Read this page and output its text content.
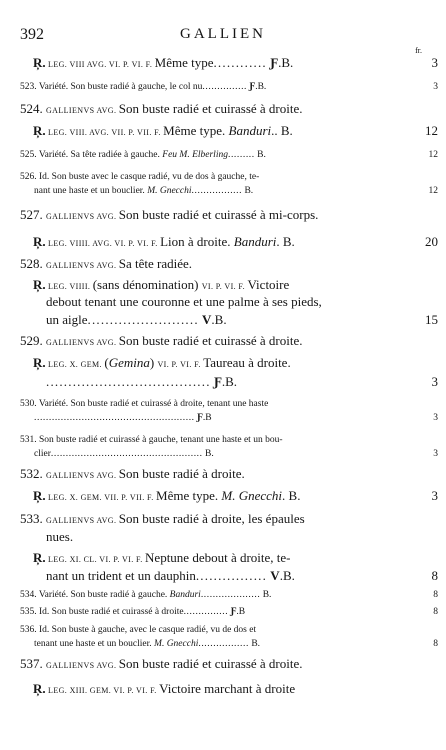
392	GALLIEN
fr.
Ŗ. LEG. VIII AVG. VI. P. VI. F. Même type............ Ƒ.B.	3
523. Variété. Son buste radié à gauche, le col nu............... Ƒ.B.	3
524. GALLIENVS AVG. Son buste radié et cuirassé à droite.
Ŗ. LEG. VIII. AVG. VII. P. VII. F. Même type. Banduri.. B.	12
525. Variété. Sa tête radiée à gauche. Feu M. Elberling......... B.	12
526. Id. Son buste avec le casque radié, vu de dos à gauche, te-
nant une haste et un bouclier. M. Gnecchi................. B.	12
527. GALLIENVS AVG. Son buste radié et cuirassé à mi-corps.
Ŗ. LEG. VIIII. AVG. VI. P. VI. F. Lion à droite. Banduri. B.	20
528. GALLIENVS AVG. Sa tête radiée.
Ŗ. LEG. VIIII. (sans dénomination) VI. P. VI. F. Victoire
debout tenant une couronne et une palme à ses pieds,
un aigle......................... V.B.	15
529. GALLIENVS AVG. Son buste radié et cuirassé à droite.
Ŗ. LEG. X. GEM. (Gemina) VI. P. VI. F. Taureau à droite.
..................................... Ƒ.B.	3
530. Variété. Son buste radié et cuirassé à droite, tenant une haste
...................................................... Ƒ.B	3
531. Son buste radié et cuirassé à gauche, tenant une haste et un bou-
clier................................................... B.	3
532. GALLIENVS AVG. Son buste radié à droite.
Ŗ. LEG. X. GEM. VII. P. VII. F. Même type. M. Gnecchi. B.	3
533. GALLIENVS AVG. Son buste radié à droite, les épaules
nues.
Ŗ. LEG. XI. CL. VI. P. VI. F. Neptune debout à droite, te-
nant un trident et un dauphin................ V.B.	8
534. Variété. Son buste radié à gauche. Banduri.................... B.	8
535. Id. Son buste radié et cuirassé à droite............... Ƒ.B	8
536. Id. Son buste à gauche, avec le casque radié, vu de dos et
tenant une haste et un bouclier. M. Gnecchi................. B.	8
537. GALLIENVS AVG. Son buste radié et cuirassé à droite.
Ŗ. LEG. XIII. GEM. VI. P. VI. F. Victoire marchant à droite
